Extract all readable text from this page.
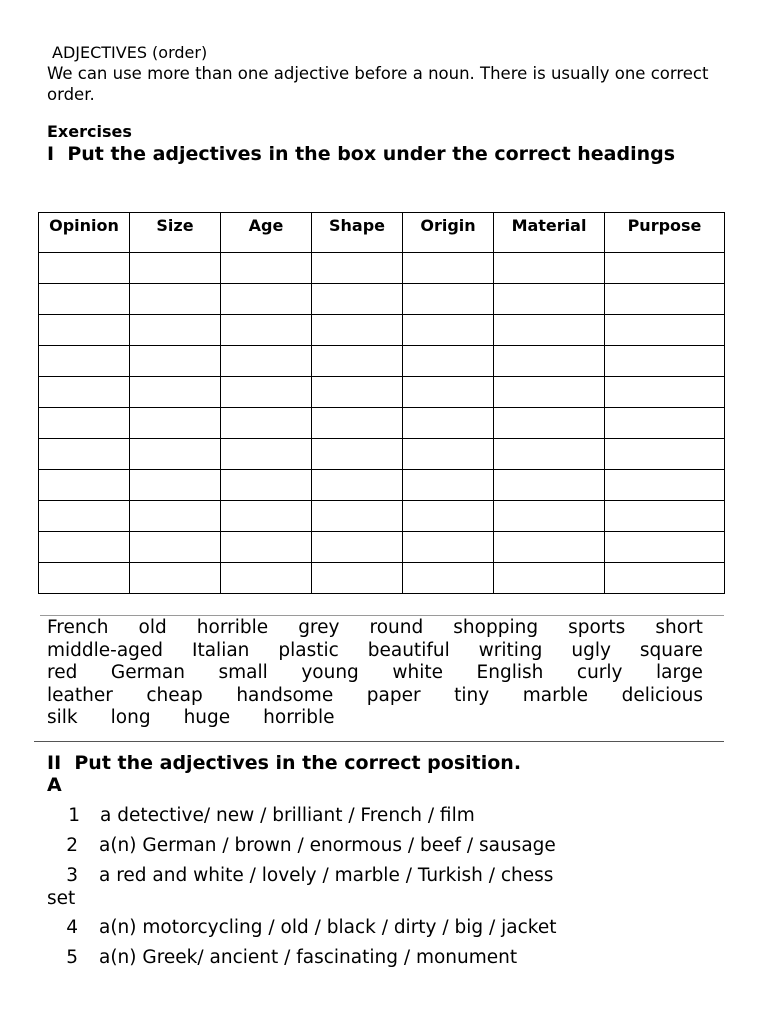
ADJECTIVES (order)
We can use more than one adjective before a noun. There is usually one correct order.
Exercises
I Put the adjectives in the box under the correct headings
Opinion	Size	Age	Shape	Origin	Material	Purpose

French old horrible grey round shopping sports short
middle-aged Italian plastic beautiful writing ugly square
red German small young white English curly large
leather cheap handsome paper tiny marble delicious
silk long huge horrible
II Put the adjectives in the correct position.
A
1	a detective/ new / brilliant / French / film
2	a(n) German / brown / enormous / beef / sausage
3	a red and white / lovely / marble / Turkish / chess
set
4	a(n) motorcycling / old / black / dirty / big / jacket
5	a(n) Greek/ ancient / fascinating / monument
